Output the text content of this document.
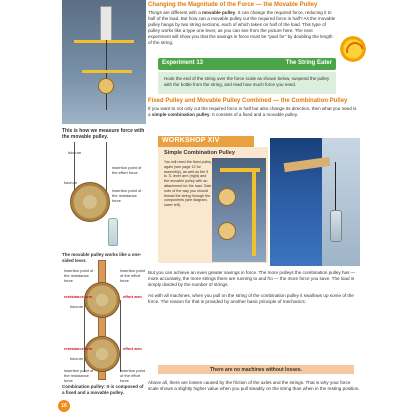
This is how we measure force with the movable pulley.
fulcrum
insertion point of the effort force
insertion point of the resistance force
fulcrum
The movable pulley works like a one-sided lever.
insertion point of the resistance force
insertion point of the effort force
resistance arm	effort arm
fulcrum
resistance arm	effort arm
fulcrum
insertion point of the resistance force
insertion point of the effort force
Combination pulley: It is composed of a fixed and a movable pulley.
Changing the Magnitude of the Force — the Movable Pulley
Things are different with a movable pulley. It can change the required force, reducing it to half of the load. But how can a movable pulley cut the required force in half? As the movable pulley hangs by two string sections, each of which takes on half of the load. This type of pulley works like a type one lever, as you can see from the picture here. The next experiment will show you that the savings in force must be "paid for" by doubling the length of the string.
Experiment 13	The String Eater
Hook the end of the string over the force scale as shown below, suspend the pulley with the bottle from the string, and read how much force you need.
Fixed Pulley and Movable Pulley Combined — the Combination Pulley
If you want to not only cut the required force in half but also change its direction, then what you need is a simple combination pulley. It consists of a fixed and a movable pulley.
WORKSHOP XIV
Simple Combination Pulley
You will need the fixed pulley again (see page 12 for assembly), as well as the 5 to 7L lever arm (right) and the movable pulley with an attachment for the load. Take note of the way you should thread the string through the components (see diagram, lower left).
But you can achieve an even greater savings in force. The more pulleys the combination pulley has — more accurately, the more strings there are running to and fro — the more force you save. The load is simply divided by the number of strings.
As with all machines, when you pull on the string of the combination pulley it swallows up some of the force. The reason for that is provided by another basic principle of mechanics:
There are no machines without losses.
Above all, there are losses caused by the friction of the axles and the strings. That is why your force scale shows a slightly higher value when you pull steadily on the string than when in the resting position.
16
